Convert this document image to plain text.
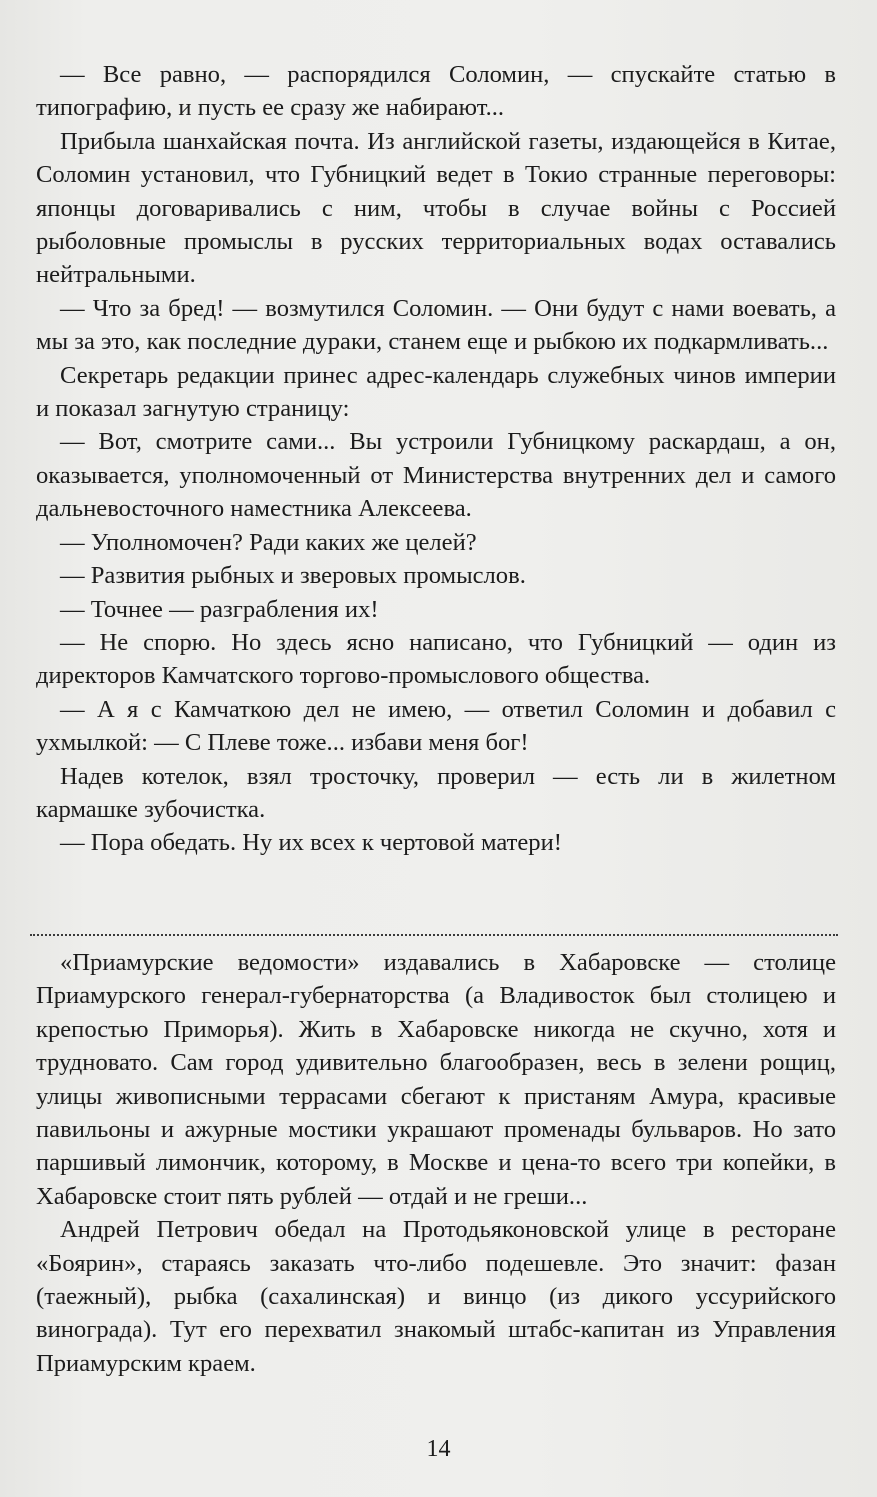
— Все равно, — распорядился Соломин, — спускайте статью в типографию, и пусть ее сразу же набирают...

Прибыла шанхайская почта. Из английской газеты, издающейся в Китае, Соломин установил, что Губницкий ведет в Токио странные переговоры: японцы договаривались с ним, чтобы в случае войны с Россией рыболовные промыслы в русских территориальных водах оставались нейтральными.

— Что за бред! — возмутился Соломин. — Они будут с нами воевать, а мы за это, как последние дураки, станем еще и рыбкою их подкармливать...

Секретарь редакции принес адрес-календарь служебных чинов империи и показал загнутую страницу:

— Вот, смотрите сами... Вы устроили Губницкому раскардаш, а он, оказывается, уполномоченный от Министерства внутренних дел и самого дальневосточного наместника Алексеева.

— Уполномочен? Ради каких же целей?

— Развития рыбных и зверовых промыслов.

— Точнее — разграбления их!

— Не спорю. Но здесь ясно написано, что Губницкий — один из директоров Камчатского торгово-промыслового общества.

— А я с Камчаткою дел не имею, — ответил Соломин и добавил с ухмылкой: — С Плеве тоже... избави меня бог!

Надев котелок, взял тросточку, проверил — есть ли в жилетном кармашке зубочистка.

— Пора обедать. Ну их всех к чертовой матери!

«Приамурские ведомости» издавались в Хабаровске — столице Приамурского генерал-губернаторства (а Владивосток был столицею и крепостью Приморья). Жить в Хабаровске никогда не скучно, хотя и трудновато. Сам город удивительно благообразен, весь в зелени рощиц, улицы живописными террасами сбегают к пристаням Амура, красивые павильоны и ажурные мостики украшают променады бульваров. Но зато паршивый лимончик, которому, в Москве и цена-то всего три копейки, в Хабаровске стоит пять рублей — отдай и не греши...

Андрей Петрович обедал на Протодьяконовской улице в ресторане «Боярин», стараясь заказать что-либо подешевле. Это значит: фазан (таежный), рыбка (сахалинская) и винцо (из дикого уссурийского винограда). Тут его перехватил знакомый штабс-капитан из Управления Приамурским краем.

14
